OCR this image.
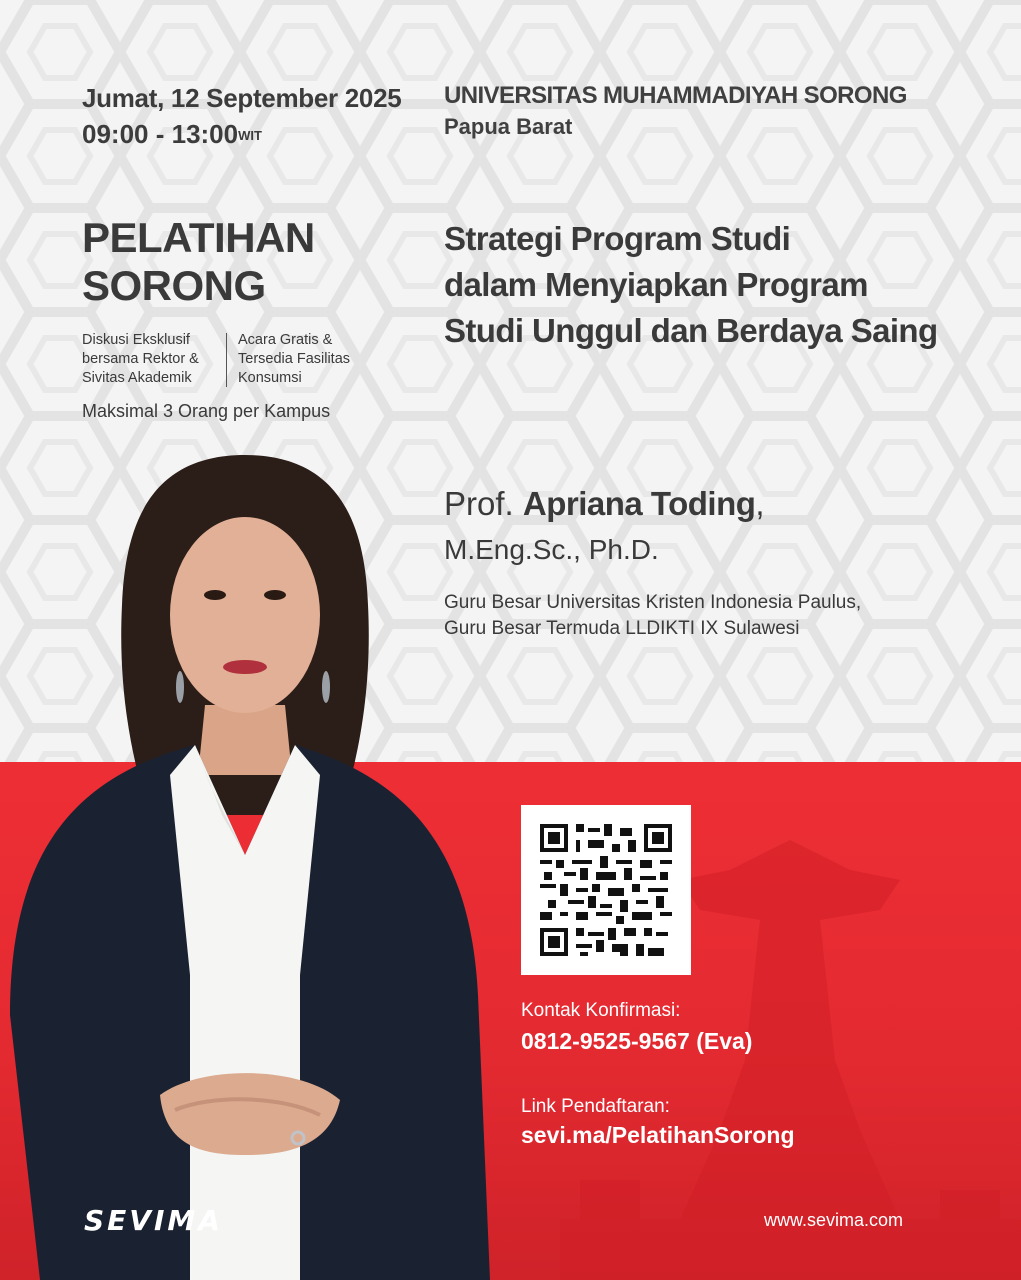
Jumat, 12 September 2025
09:00 - $13:00^{WIT}$
UNIVERSITAS MUHAMMADIYAH SORONG
Papua Barat
PELATIHAN
SORONG
Diskusi Eksklusif
bersama Rektor &
Sivitas Akademik
Acara Gratis &
Tersedia Fasilitas
Konsumsi
Maksimal 3 Orang per Kampus
Strategi Program Studi
dalam Menyiapkan Program
Studi Unggul dan Berdaya Saing
Prof. Apriana Toding,
M.Eng.Sc., Ph.D.
Guru Besar Universitas Kristen Indonesia Paulus,
Guru Besar Termuda LLDIKTI IX Sulawesi
Kontak Konfirmasi:
0812-9525-9567 (Eva)
Link Pendaftaran:
sevi.ma/PelatihanSorong
SEVIMA	www.sevima.com
